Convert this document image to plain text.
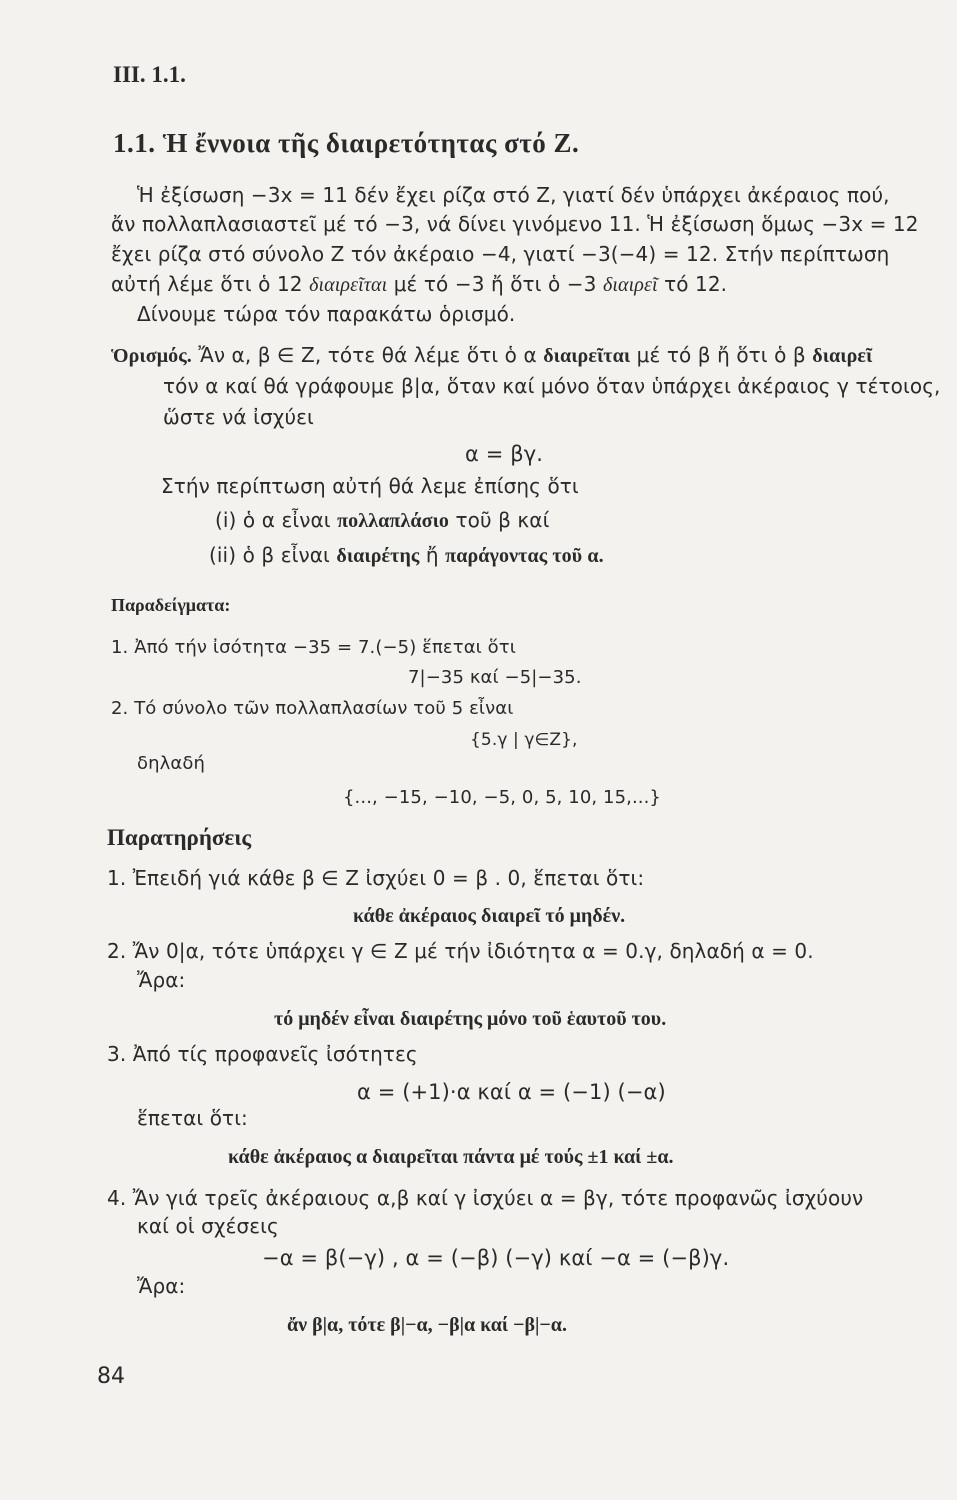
III. 1.1.
1.1. Ἡ ἔννοια τῆς διαιρετότητας στό Z.
Ἡ ἐξίσωση −3x = 11 δέν ἔχει ρίζα στό Z, γιατί δέν ὑπάρχει ἀκέραιος πού,
ἄν πολλαπλασιαστεῖ μέ τό −3, νά δίνει γινόμενο 11. Ἡ ἐξίσωση ὅμως −3x = 12
ἔχει ρίζα στό σύνολο Z τόν ἀκέραιο −4, γιατί −3(−4) = 12. Στήν περίπτωση
αὐτή λέμε ὅτι ὁ 12 διαιρεῖται μέ τό −3 ἤ ὅτι ὁ −3 διαιρεῖ τό 12.
Δίνουμε τώρα τόν παρακάτω ὁρισμό.
Ὁρισμός. Ἄν α, β ∈ Z, τότε θά λέμε ὅτι ὁ α διαιρεῖται μέ τό β ἤ ὅτι ὁ β διαιρεῖ
τόν α καί θά γράφουμε β|α, ὅταν καί μόνο ὅταν ὑπάρχει ἀκέραιος γ τέτοιος,
ὥστε νά ἰσχύει
α = βγ.
Στήν περίπτωση αὐτή θά λεμε ἐπίσης ὅτι
(i) ὁ α εἶναι πολλαπλάσιο τοῦ β καί
(ii) ὁ β εἶναι διαιρέτης ἤ παράγοντας τοῦ α.
Παραδείγματα:
1. Ἀπό τήν ἰσότητα −35 = 7.(−5) ἕπεται ὅτι
7|−35 καί −5|−35.
2. Τό σύνολο τῶν πολλαπλασίων τοῦ 5 εἶναι
{5.γ | γ∈Z},
δηλαδή
{..., −15, −10, −5, 0, 5, 10, 15,...}
Παρατηρήσεις
1. Ἐπειδή γιά κάθε β ∈ Z ἰσχύει 0 = β . 0, ἕπεται ὅτι:
κάθε ἀκέραιος διαιρεῖ τό μηδέν.
2. Ἄν 0|α, τότε ὑπάρχει γ ∈ Z μέ τήν ἰδιότητα α = 0.γ, δηλαδή α = 0.
Ἄρα:
τό μηδέν εἶναι διαιρέτης μόνο τοῦ ἑαυτοῦ του.
3. Ἀπό τίς προφανεῖς ἰσότητες
α = (+1)·α καί α = (−1) (−α)
ἕπεται ὅτι:
κάθε ἀκέραιος α διαιρεῖται πάντα μέ τούς ±1 καί ±α.
4. Ἄν γιά τρεῖς ἀκέραιους α,β καί γ ἰσχύει α = βγ, τότε προφανῶς ἰσχύουν
καί οἱ σχέσεις
−α = β(−γ) , α = (−β) (−γ) καί −α = (−β)γ.
Ἄρα:
ἄν β|α, τότε β|−α, −β|α καί −β|−α.
84
